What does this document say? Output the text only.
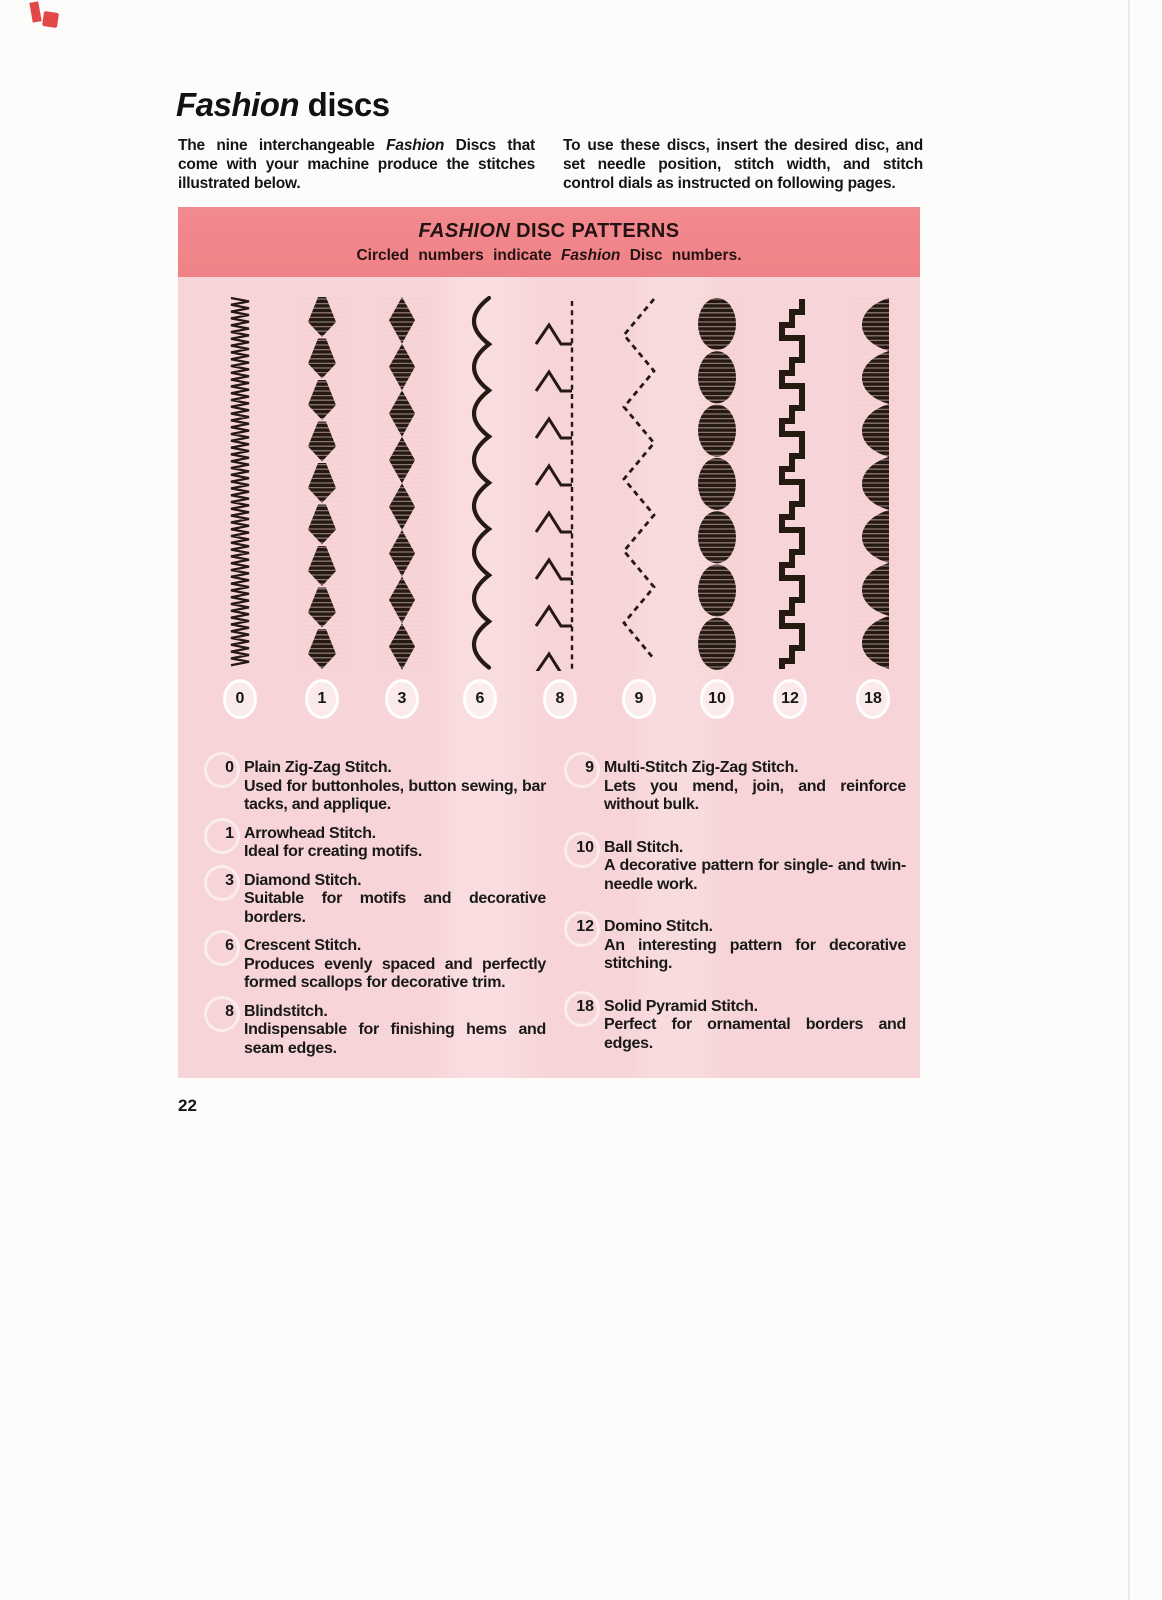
Fashion discs

The nine interchangeable Fashion Discs that come with your machine produce the stitches illustrated below.

To use these discs, insert the desired disc, and set needle position, stitch width, and stitch control dials as instructed on following pages.

FASHION DISC PATTERNS
Circled numbers indicate Fashion Disc numbers.
0	1	3	6	8	9	10	12	18
0 Plain Zig-Zag Stitch.
Used for buttonholes, button sewing, bar tacks, and applique.
1 Arrowhead Stitch.
Ideal for creating motifs.
3 Diamond Stitch.
Suitable for motifs and decorative borders.
6 Crescent Stitch.
Produces evenly spaced and perfectly formed scallops for decorative trim.
8 Blindstitch.
Indispensable for finishing hems and seam edges.
9 Multi-Stitch Zig-Zag Stitch.
Lets you mend, join, and reinforce without bulk.
10 Ball Stitch.
A decorative pattern for single- and twin-needle work.
12 Domino Stitch.
An interesting pattern for decorative stitching.
18 Solid Pyramid Stitch.
Perfect for ornamental borders and edges.
22
